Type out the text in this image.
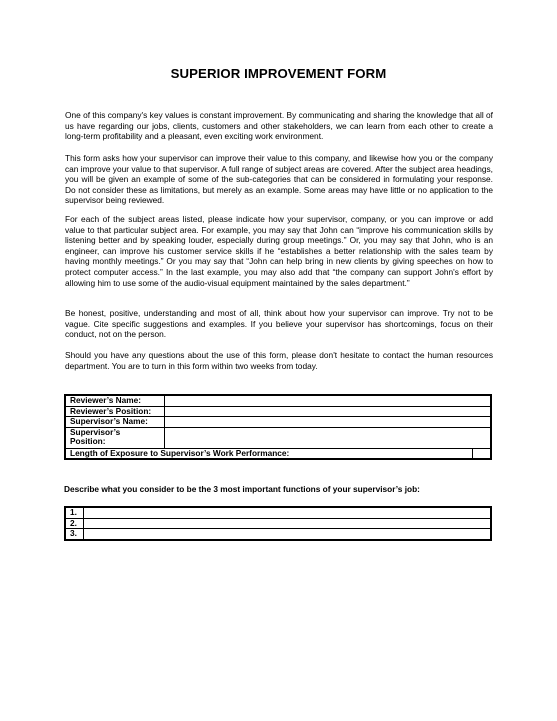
SUPERIOR IMPROVEMENT FORM

One of this company's key values is constant improvement. By communicating and sharing the knowledge that all of us have regarding our jobs, clients, customers and other stakeholders, we can learn from each other to create a long-term profitability and a pleasant, even exciting work environment.

This form asks how your supervisor can improve their value to this company, and likewise how you or the company can improve your value to that supervisor. A full range of subject areas are covered. After the subject area headings, you will be given an example of some of the sub-categories that can be considered in formulating your response. Do not consider these as limitations, but merely as an example. Some areas may have little or no application to the supervisor being reviewed.

For each of the subject areas listed, please indicate how your supervisor, company, or you can improve or add value to that particular subject area. For example, you may say that John can “improve his communication skills by listening better and by speaking louder, especially during group meetings.” Or, you may say that John, who is an engineer, can improve his customer service skills if he “establishes a better relationship with the sales team by having monthly meetings.” Or you may say that “John can help bring in new clients by giving speeches on how to protect computer access.” In the last example, you may also add that “the company can support John's effort by allowing him to use some of the audio-visual equipment maintained by the sales department.”

Be honest, positive, understanding and most of all, think about how your supervisor can improve. Try not to be vague. Cite specific suggestions and examples. If you believe your supervisor has shortcomings, focus on their conduct, not on the person.

Should you have any questions about the use of this form, please don't hesitate to contact the human resources department. You are to turn in this form within two weeks from today.

Reviewer’s Name:		
Reviewer’s Position:		
Supervisor’s Name:		
Supervisor’s
Position:		
Length of Exposure to Supervisor’s Work Performance:		
Describe what you consider to be the 3 most important functions of your supervisor’s job:
1.	
2.	
3.	
